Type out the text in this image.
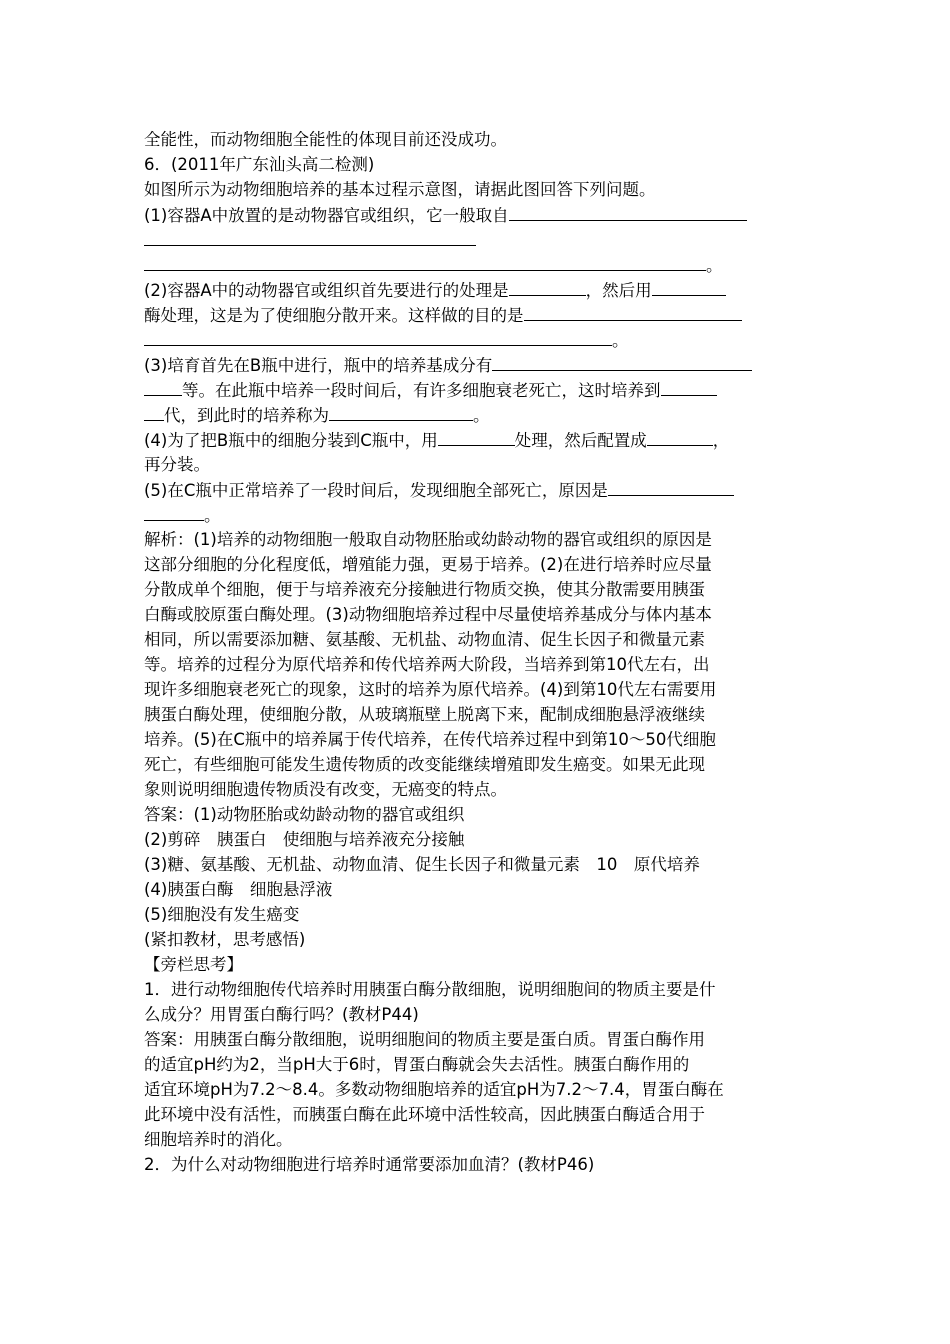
全能性，而动物细胞全能性的体现目前还没成功。
6．(2011年广东汕头高二检测)
如图所示为动物细胞培养的基本过程示意图，请据此图回答下列问题。
(1)容器A中放置的是动物器官或组织，它一般取自
。
(2)容器A中的动物器官或组织首先要进行的处理是	，然后用
酶处理，这是为了使细胞分散开来。这样做的目的是
。
(3)培育首先在B瓶中进行，瓶中的培养基成分有
等。在此瓶中培养一段时间后，有许多细胞衰老死亡，这时培养到
代，到此时的培养称为	。
(4)为了把B瓶中的细胞分装到C瓶中，用	处理，然后配置成	，
再分装。
(5)在C瓶中正常培养了一段时间后，发现细胞全部死亡，原因是
。
解析：(1)培养的动物细胞一般取自动物胚胎或幼龄动物的器官或组织的原因是
这部分细胞的分化程度低，增殖能力强，更易于培养。(2)在进行培养时应尽量
分散成单个细胞，便于与培养液充分接触进行物质交换，使其分散需要用胰蛋
白酶或胶原蛋白酶处理。(3)动物细胞培养过程中尽量使培养基成分与体内基本
相同，所以需要添加糖、氨基酸、无机盐、动物血清、促生长因子和微量元素
等。培养的过程分为原代培养和传代培养两大阶段，当培养到第10代左右，出
现许多细胞衰老死亡的现象，这时的培养为原代培养。(4)到第10代左右需要用
胰蛋白酶处理，使细胞分散，从玻璃瓶壁上脱离下来，配制成细胞悬浮液继续
培养。(5)在C瓶中的培养属于传代培养，在传代培养过程中到第10～50代细胞
死亡，有些细胞可能发生遗传物质的改变能继续增殖即发生癌变。如果无此现
象则说明细胞遗传物质没有改变，无癌变的特点。
答案：(1)动物胚胎或幼龄动物的器官或组织
(2)剪碎　胰蛋白　使细胞与培养液充分接触
(3)糖、氨基酸、无机盐、动物血清、促生长因子和微量元素　10　原代培养
(4)胰蛋白酶　细胞悬浮液
(5)细胞没有发生癌变
(紧扣教材，思考感悟)
【旁栏思考】
1．进行动物细胞传代培养时用胰蛋白酶分散细胞，说明细胞间的物质主要是什
么成分？用胃蛋白酶行吗？(教材P44)
答案：用胰蛋白酶分散细胞，说明细胞间的物质主要是蛋白质。胃蛋白酶作用
的适宜pH约为2，当pH大于6时，胃蛋白酶就会失去活性。胰蛋白酶作用的
适宜环境pH为7.2～8.4。多数动物细胞培养的适宜pH为7.2～7.4，胃蛋白酶在
此环境中没有活性，而胰蛋白酶在此环境中活性较高，因此胰蛋白酶适合用于
细胞培养时的消化。
2．为什么对动物细胞进行培养时通常要添加血清？(教材P46)
